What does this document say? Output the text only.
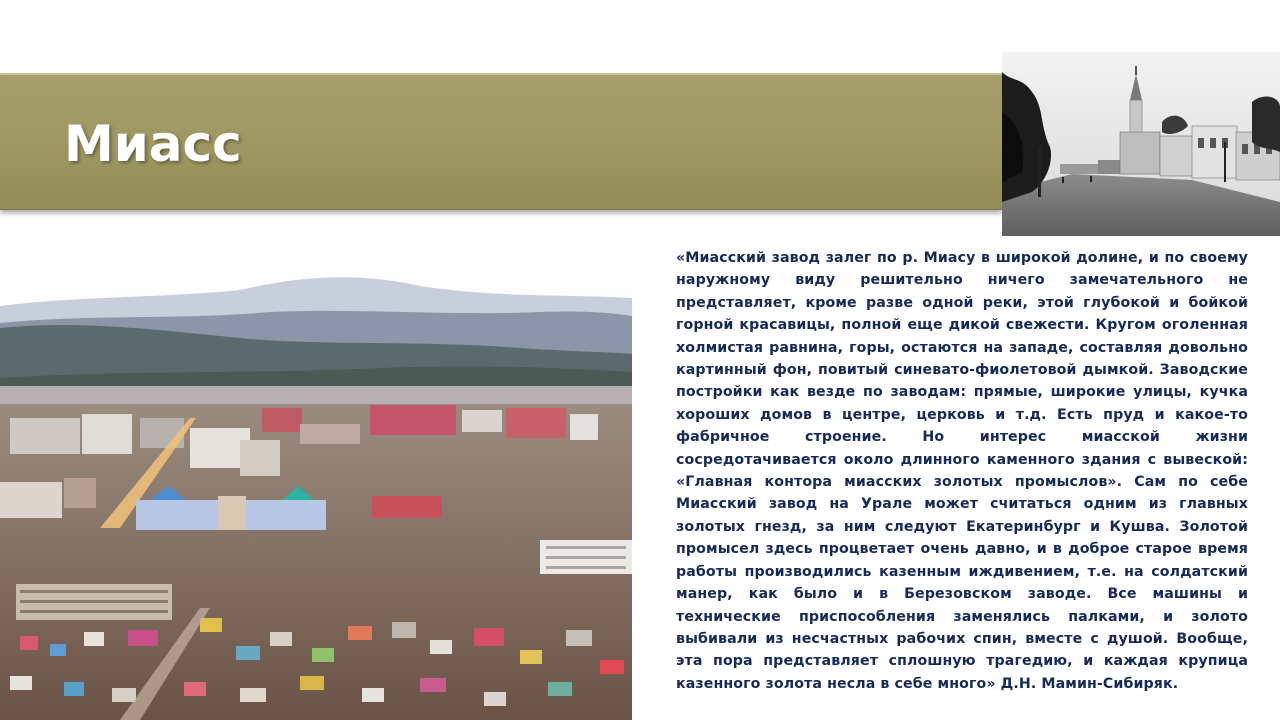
Миасс

«Миасский завод залег по р. Миасу в широкой долине, и по своему наружному виду решительно ничего замечательного не представляет, кроме разве одной реки, этой глубокой и бойкой горной красавицы, полной еще дикой свежести. Кругом оголенная холмистая равнина, горы, остаются на западе, составляя довольно картинный фон, повитый синевато-фиолетовой дымкой. Заводские постройки как везде по заводам: прямые, широкие улицы, кучка хороших домов в центре, церковь и т.д. Есть пруд и какое-то фабричное строение. Но интерес миасской жизни сосредотачивается около длинного каменного здания с вывеской: «Главная контора миасских золотых промыслов». Сам по себе Миасский завод на Урале может считаться одним из главных золотых гнезд, за ним следуют Екатеринбург и Кушва. Золотой промысел здесь процветает очень давно, и в доброе старое время работы производились казенным иждивением, т.е. на солдатский манер, как было и в Березовском заводе. Все машины и технические приспособления заменялись палками, и золото выбивали из несчастных рабочих спин, вместе с душой. Вообще, эта пора представляет сплошную трагедию, и каждая крупица казенного золота несла в себе много» Д.Н. Мамин-Сибиряк.
